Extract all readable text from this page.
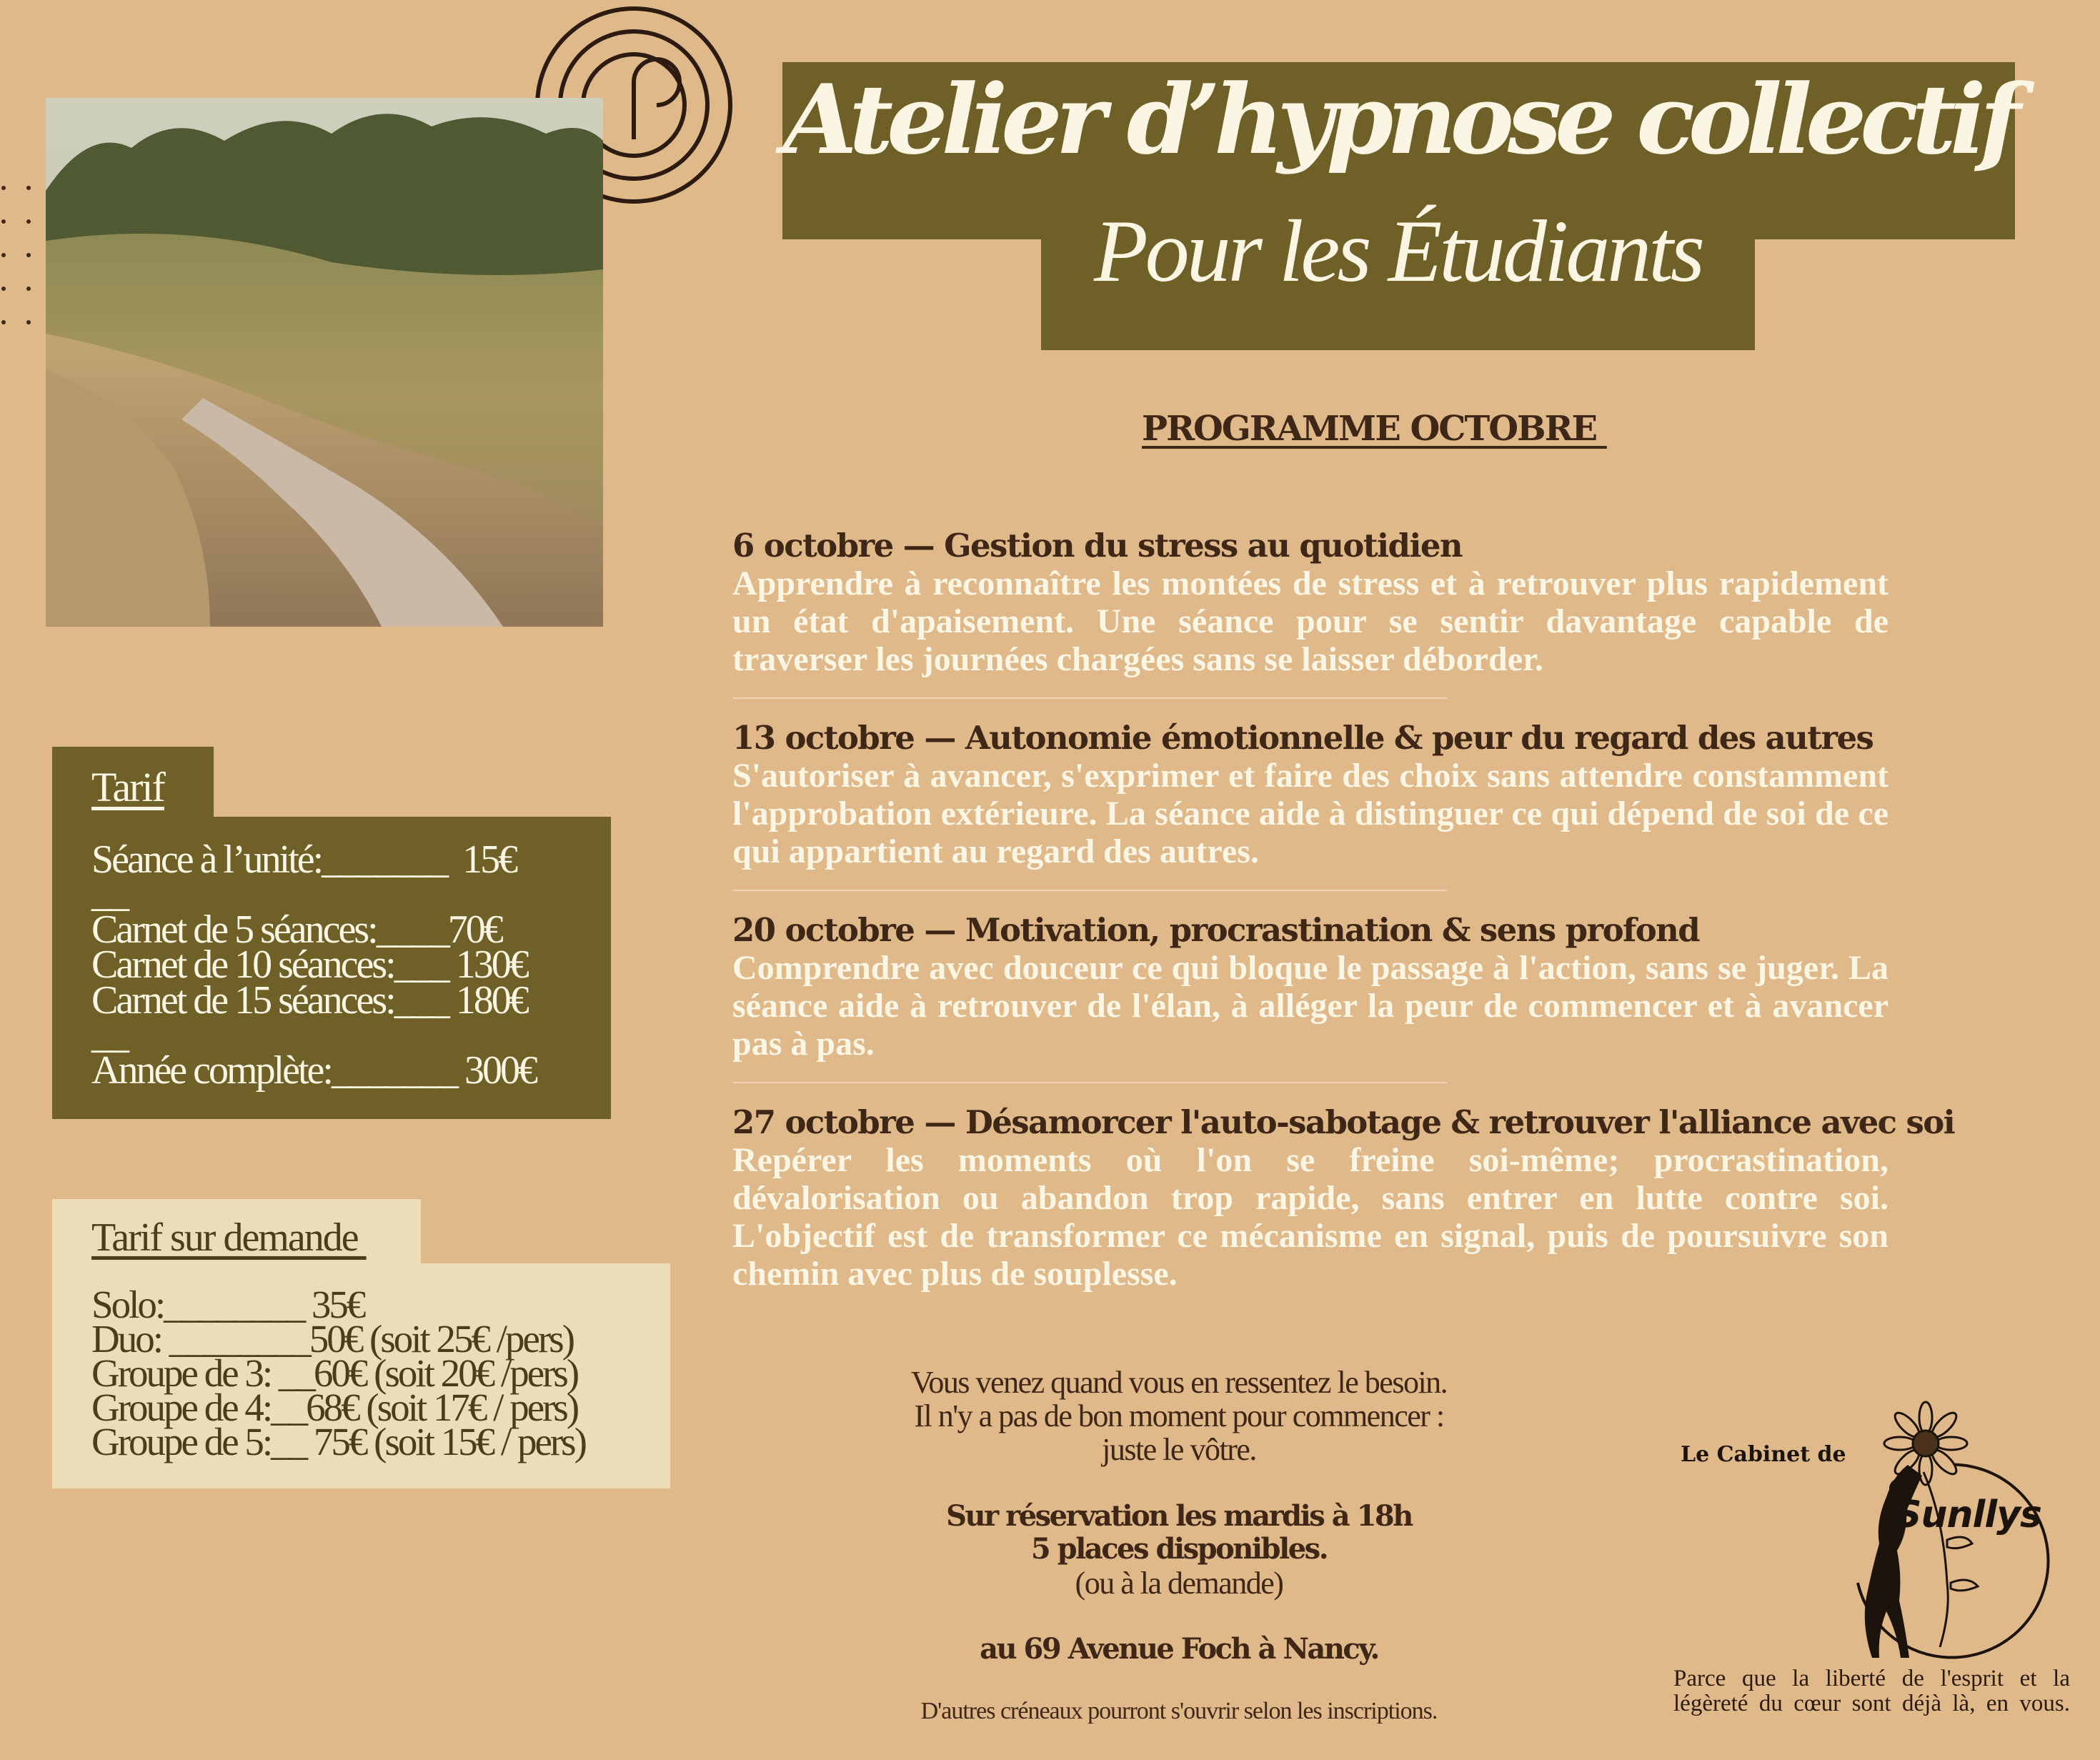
Atelier d’hypnose collectif
Pour les Étudiants
PROGRAMME OCTOBRE
6 octobre — Gestion du stress au quotidien
Apprendre à reconnaître les montées de stress et à retrouver plus rapidement un état d'apaisement. Une séance pour se sentir davantage capable de traverser les journées chargées sans se laisser déborder.
13 octobre — Autonomie émotionnelle & peur du regard des autres
S'autoriser à avancer, s'exprimer et faire des choix sans attendre constamment l'approbation extérieure. La séance aide à distinguer ce qui dépend de soi de ce qui appartient au regard des autres.
20 octobre — Motivation, procrastination & sens profond
Comprendre avec douceur ce qui bloque le passage à l'action, sans se juger. La séance aide à retrouver de l'élan, à alléger la peur de commencer et à avancer pas à pas.
27 octobre — Désamorcer l'auto-sabotage & retrouver l'alliance avec soi
Repérer les moments où l'on se freine soi-même; procrastination, dévalorisation ou abandon trop rapide, sans entrer en lutte contre soi. L'objectif est de transformer ce mécanisme en signal, puis de poursuivre son chemin avec plus de souplesse.
Tarif
Séance à l’unité:_______  15€
__
Carnet de 5 séances:____70€
Carnet de 10 séances:___ 130€
Carnet de 15 séances:___ 180€
__
Année complète:_______ 300€
Tarif sur demande
Solo:________ 35€
Duo: ________50€ (soit 25€ /pers)
Groupe de 3: __60€ (soit 20€ /pers)
Groupe de 4:__68€ (soit 17€ / pers)
Groupe de 5:__ 75€ (soit 15€ / pers)
Vous venez quand vous en ressentez le besoin.
Il n'y a pas de bon moment pour commencer :
juste le vôtre.
Sur réservation les mardis à 18h
5 places disponibles.
(ou à la demande)
au 69 Avenue Foch à Nancy.
D'autres créneaux pourront s'ouvrir selon les inscriptions.
Le Cabinet de
Sunllys
Parce que la liberté de l'esprit et la légèreté du cœur sont déjà là, en vous.
